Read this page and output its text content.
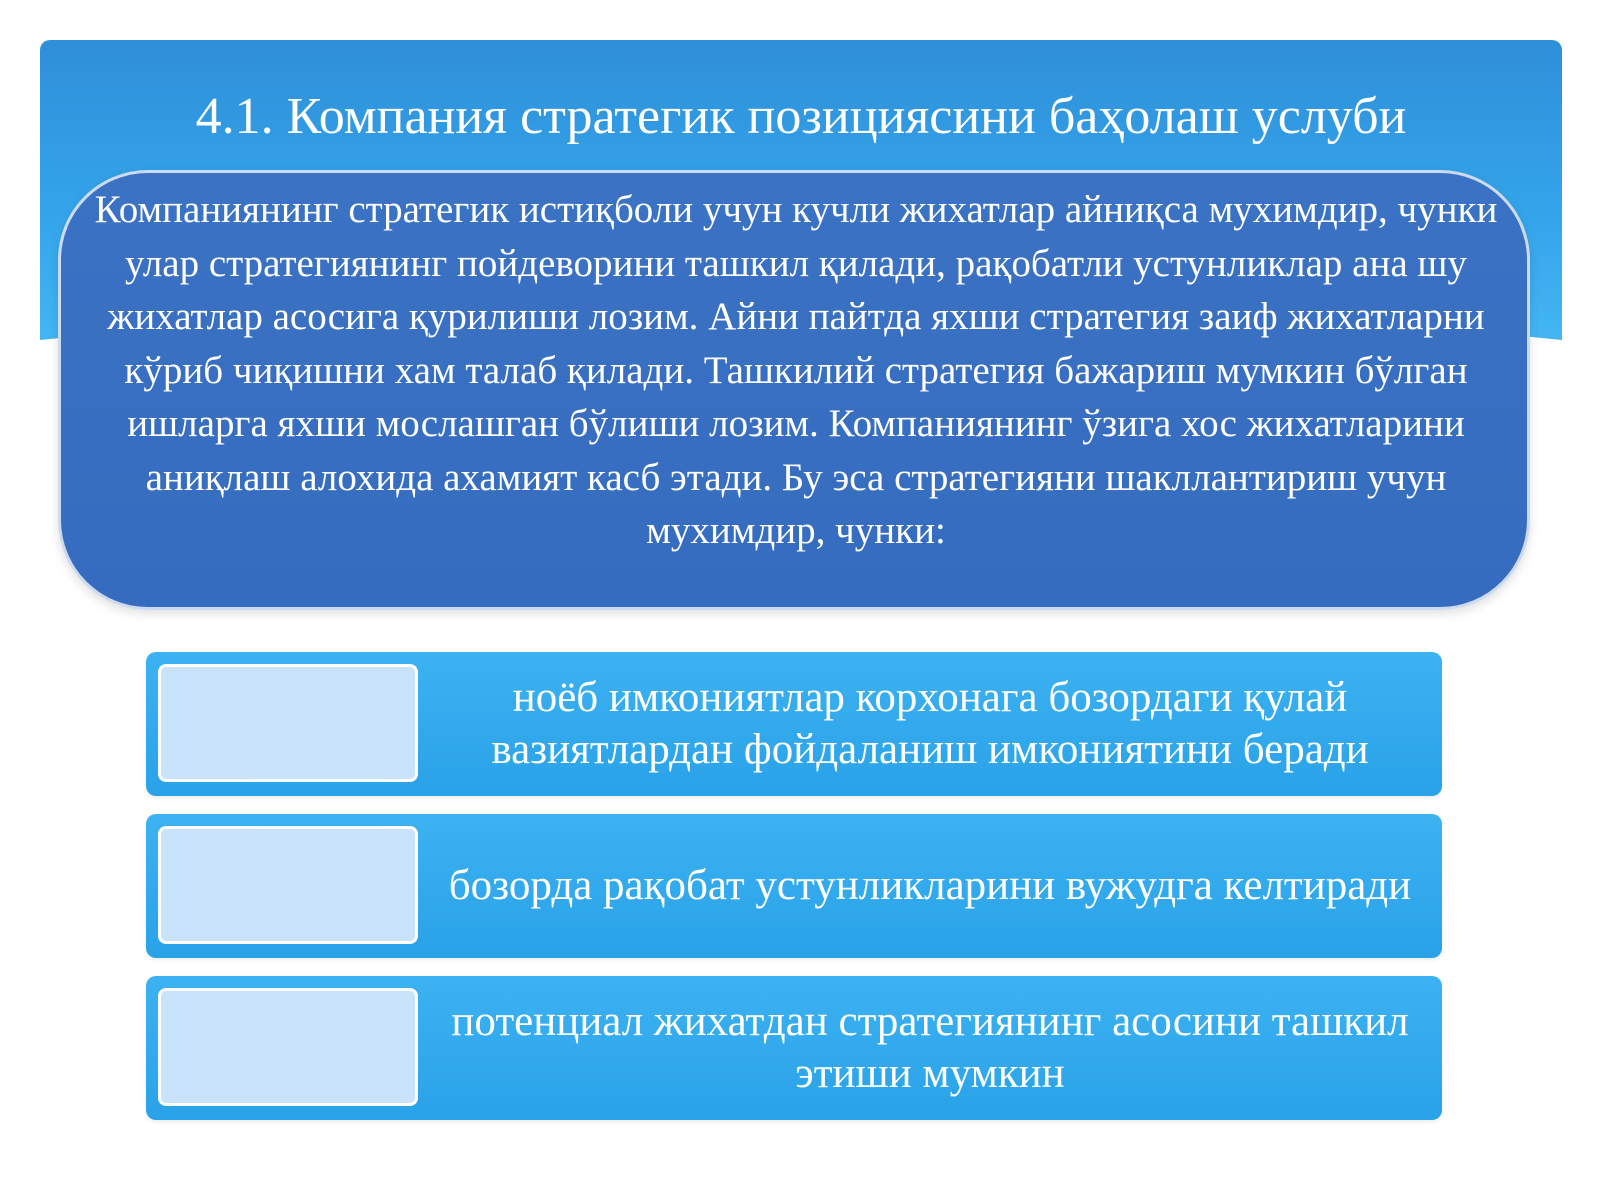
4.1. Компания стратегик позициясини баҳолаш услуби

Компаниянинг стратегик истиқболи учун кучли жихатлар айниқса мухимдир, чунки улар стратегиянинг пойдеворини ташкил қилади, рақобатли устунликлар ана шу жихатлар асосига қурилиши лозим. Айни пайтда яхши стратегия заиф жихатларни кўриб чиқишни хам талаб қилади. Ташкилий стратегия бажариш мумкин бўлган ишларга яхши мослашган бўлиши лозим. Компаниянинг ўзига хос жихатларини аниқлаш алохида ахамият касб этади. Бу эса стратегияни шакллантириш учун мухимдир, чунки:

ноёб имкониятлар корхонага бозордаги қулай вазиятлардан фойдаланиш имкониятини беради
бозорда рақобат устунликларини вужудга келтиради
потенциал жихатдан стратегиянинг асосини ташкил этиши мумкин
